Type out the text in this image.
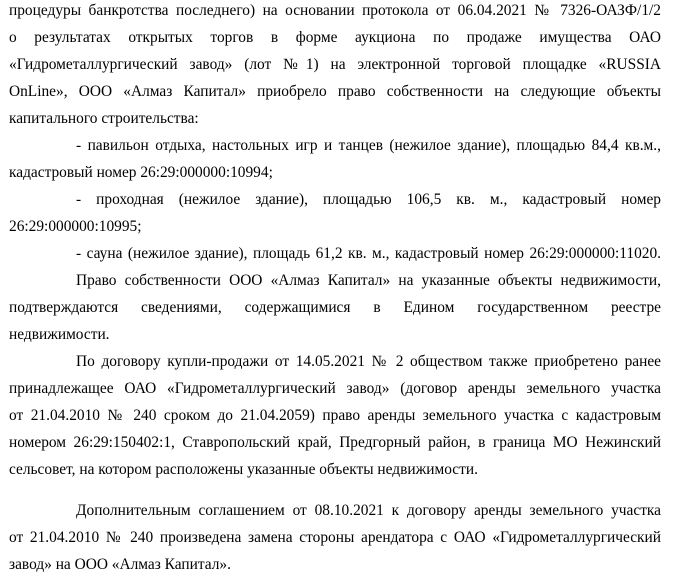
процедуры банкротства последнего) на основании протокола от 06.04.2021 № 7326-ОАЗФ/1/2
о результатах открытых торгов в форме аукциона по продаже имущества ОАО
«Гидрометаллургический завод» (лот №1) на электронной торговой площадке «RUSSIA
OnLine», ООО «Алмаз Капитал» приобрело право собственности на следующие объекты
капитального строительства:
- павильон отдыха, настольных игр и танцев (нежилое здание), площадью 84,4 кв.м.,
кадастровый номер 26:29:000000:10994;
- проходная (нежилое здание), площадью 106,5 кв. м., кадастровый номер
26:29:000000:10995;
- сауна (нежилое здание), площадь 61,2 кв. м., кадастровый номер 26:29:000000:11020.
Право собственности ООО «Алмаз Капитал» на указанные объекты недвижимости,
подтверждаются сведениями, содержащимися в Едином государственном реестре
недвижимости.
По договору купли-продажи от 14.05.2021 № 2 обществом также приобретено ранее
принадлежащее ОАО «Гидрометаллургический завод» (договор аренды земельного участка
от 21.04.2010 № 240 сроком до 21.04.2059) право аренды земельного участка с кадастровым
номером 26:29:150402:1, Ставропольский край, Предгорный район, в граница МО Нежинский
сельсовет, на котором расположены указанные объекты недвижимости.
Дополнительным соглашением от 08.10.2021 к договору аренды земельного участка
от 21.04.2010 № 240 произведена замена стороны арендатора с ОАО «Гидрометаллургический
завод» на ООО «Алмаз Капитал».
